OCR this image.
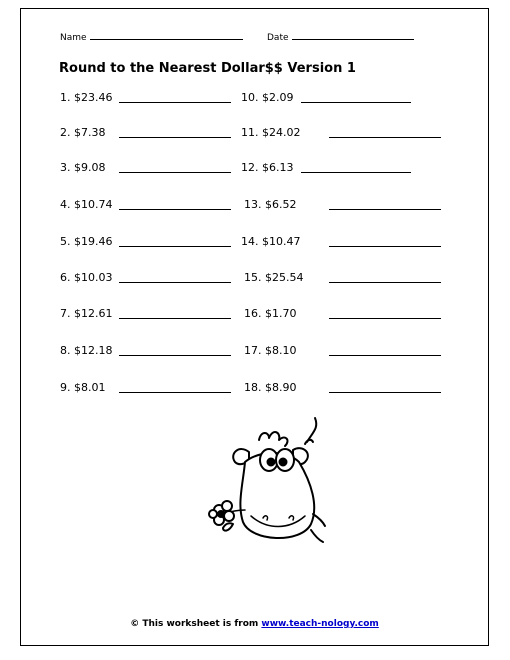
Name	Date
Round to the Nearest Dollar$$ Version 1
1. $23.46
2. $7.38
3. $9.08
4. $10.74
5. $19.46
6. $10.03
7. $12.61
8. $12.18
9. $8.01
10. $2.09
11. $24.02
12. $6.13
13. $6.52
14. $10.47
15. $25.54
16. $1.70
17. $8.10
18. $8.90
© This worksheet is from www.teach-nology.com
